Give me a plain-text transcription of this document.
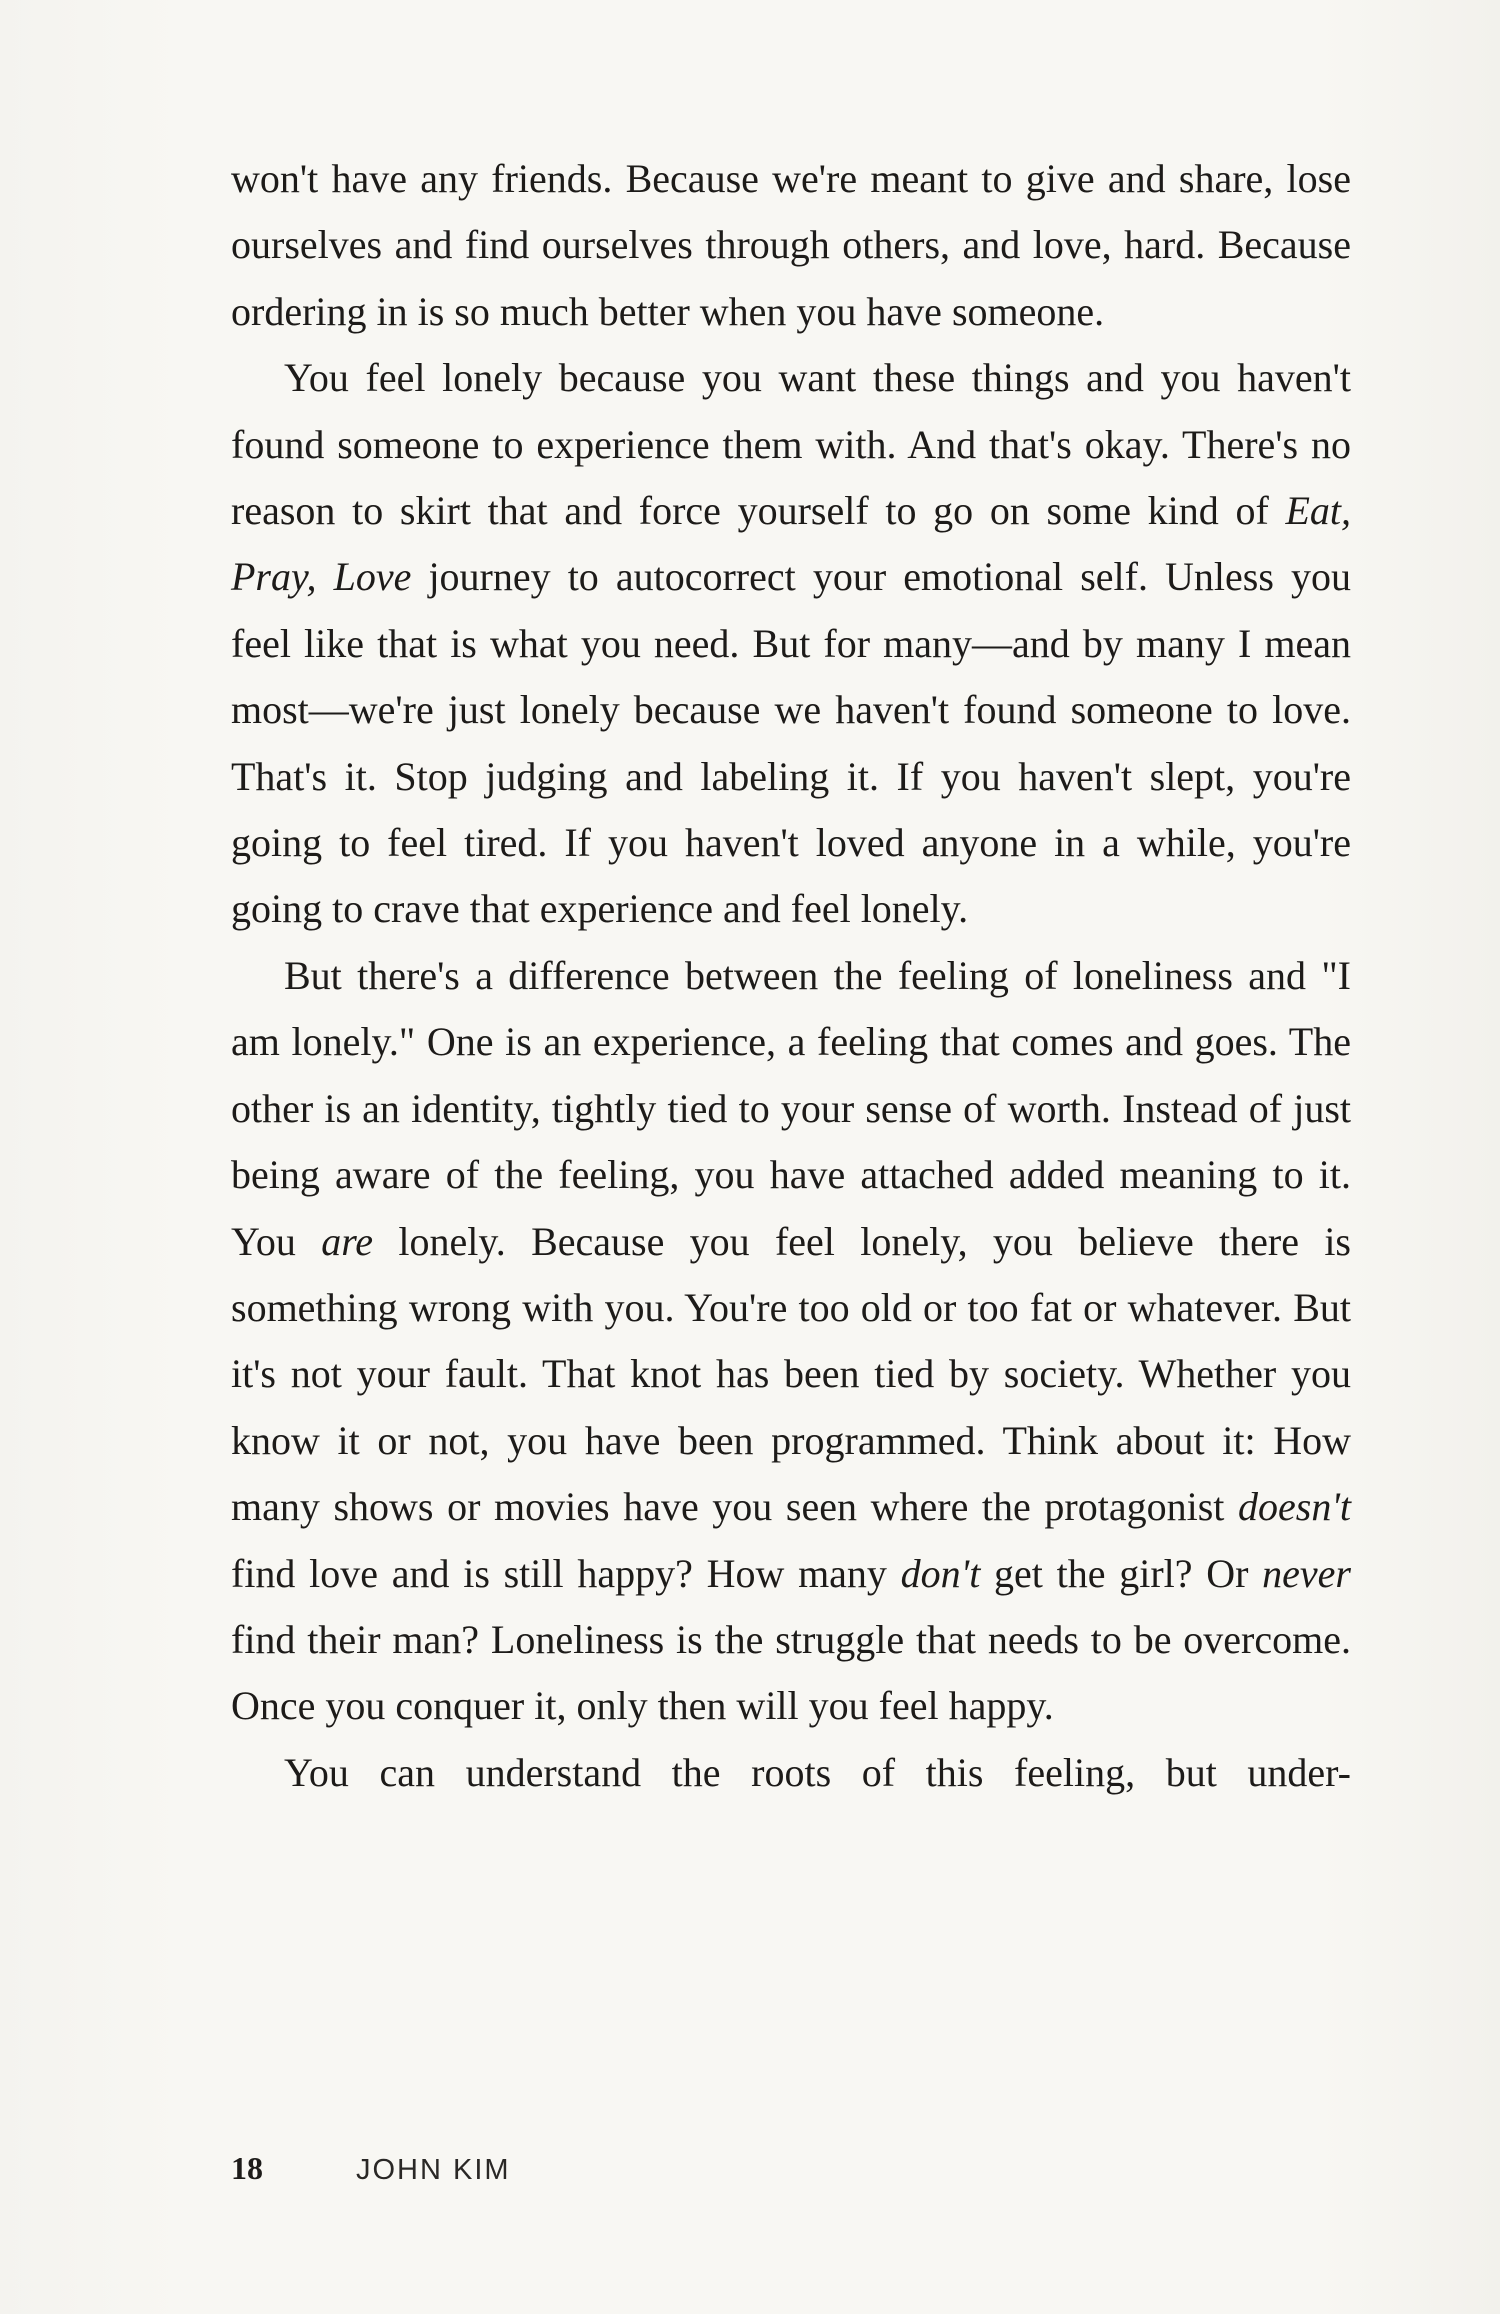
won't have any friends. Because we're meant to give and share, lose ourselves and find ourselves through others, and love, hard. Because ordering in is so much better when you have someone.

You feel lonely because you want these things and you haven't found someone to experience them with. And that's okay. There's no reason to skirt that and force yourself to go on some kind of Eat, Pray, Love journey to autocorrect your emotional self. Unless you feel like that is what you need. But for many—and by many I mean most—we're just lonely because we haven't found someone to love. That's it. Stop judging and labeling it. If you haven't slept, you're going to feel tired. If you haven't loved anyone in a while, you're going to crave that experience and feel lonely.

But there's a difference between the feeling of loneliness and "I am lonely." One is an experience, a feeling that comes and goes. The other is an identity, tightly tied to your sense of worth. Instead of just being aware of the feeling, you have attached added meaning to it. You are lonely. Because you feel lonely, you believe there is something wrong with you. You're too old or too fat or whatever. But it's not your fault. That knot has been tied by society. Whether you know it or not, you have been programmed. Think about it: How many shows or movies have you seen where the protagonist doesn't find love and is still happy? How many don't get the girl? Or never find their man? Loneliness is the struggle that needs to be overcome. Once you conquer it, only then will you feel happy.

You can understand the roots of this feeling, but under-

18	JOHN KIM
